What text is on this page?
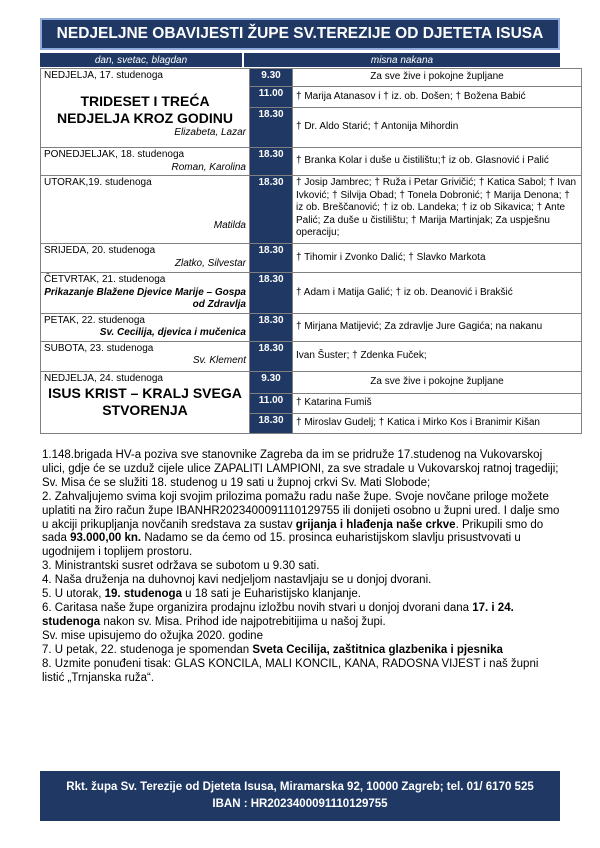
NEDJELJNE OBAVIJESTI ŽUPE SV.TEREZIJE OD DJETETA ISUSA
dan, svetac, blagdan	misna nakana
NEDJELJA, 17. studenoga
TRIDESET I TREĆA NEDJELJA KROZ GODINU
Elizabeta, Lazar	9.30	Za sve žive i pokojne župljane
	11.00	† Marija Atanasov i † iz. ob. Došen; † Božena Babić
	18.30	† Dr. Aldo Starić; † Antonija Mihordin

PONEDJELJAK, 18. studenoga
Roman, Karolina	18.30	† Branka Kolar i duše u čistilištu;† iz ob. Glasnović i Palić

UTORAK,19. studenoga
Matilda	18.30	† Josip Jambrec; † Ruža i Petar Grivičić; † Katica Sabol; † Ivan Ivković; † Silvija Obad; † Tonela Dobronić; † Marija Denona; † iz ob. Breščanović; † iz ob. Landeka; † iz ob Sikavica; † Ante Palić; Za duše u čistilištu; † Marija Martinjak; Za uspješnu operaciju;

SRIJEDA, 20. studenoga
Zlatko, Silvestar	18.30	† Tihomir i Zvonko Dalić; † Slavko Markota

ČETVRTAK, 21. studenoga
Prikazanje Blažene Djevice Marije – Gospa od Zdravlja	18.30	† Adam i Matija Galić; † iz ob. Deanović i Brakšić

PETAK, 22. studenoga
Sv. Cecilija, djevica i mučenica	18.30	† Mirjana Matijević; Za zdravlje Jure Gagića; na nakanu

SUBOTA, 23. studenoga
Sv. Klement	18.30	Ivan Šuster; † Zdenka Fuček;

NEDJELJA, 24. studenoga
ISUS KRIST – KRALJ SVEGA STVORENJA	9.30	Za sve žive i pokojne župljane
	11.00	† Katarina Fumiš
	18.30	† Miroslav Gudelj; † Katica i Mirko Kos i Branimir Kišan

1.148.brigada HV-a poziva sve stanovnike Zagreba da im se pridruže 17.studenog na Vukovarskoj ulici, gdje će se uzduž cijele ulice ZAPALITI LAMPIONI, za sve stradale u Vukovarskoj ratnoj tragediji; Sv. Misa će se služiti 18. studenog u 19 sati u župnoj crkvi Sv. Mati Slobode;

2. Zahvaljujemo svima koji svojim prilozima pomažu radu naše župe. Svoje novčane priloge možete uplatiti na žiro račun župe IBANHR2023400091110129755 ili donijeti osobno u župni ured. I dalje smo u akciji prikupljanja novčanih sredstava za sustav grijanja i hlađenja naše crkve. Prikupili smo do sada 93.000,00 kn. Nadamo se da ćemo od 15. prosinca euharistijskom slavlju prisustvovati u ugodnijem i toplijem prostoru.

3. Ministrantski susret održava se subotom u 9.30 sati.

4. Naša druženja na duhovnoj kavi nedjeljom nastavljaju se u donjoj dvorani.

5. U utorak, 19. studenoga u 18 sati je Euharistijsko klanjanje.

6. Caritasa naše župe organizira prodajnu izložbu novih stvari u donjoj dvorani dana 17. i 24. studenoga nakon sv. Misa. Prihod ide najpotrebitijima u našoj župi.

Sv. mise upisujemo do ožujka 2020. godine

7. U petak, 22. studenoga je spomendan Sveta Cecilija, zaštitnica glazbenika i pjesnika

8. Uzmite ponuđeni tisak: GLAS KONCILA, MALI KONCIL, KANA, RADOSNA VIJEST i naš župni listić „Trnjanska ruža“.

Rkt. župa Sv. Terezije od Djeteta Isusa, Miramarska 92, 10000 Zagreb; tel. 01/ 6170 525
IBAN : HR2023400091110129755
